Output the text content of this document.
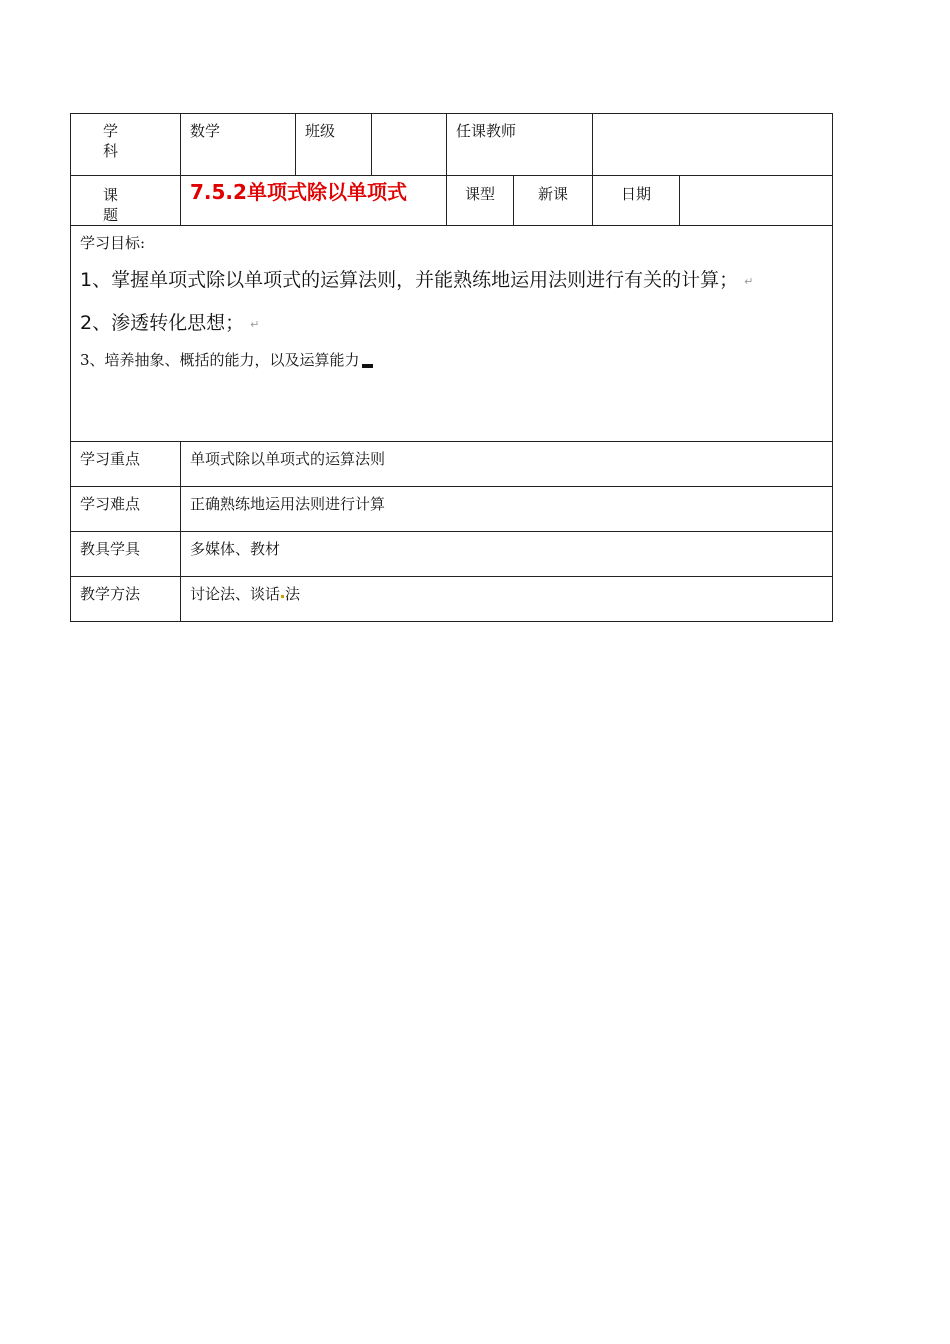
学 科	数学	班级		任课教师			

课 题	7.5.2单项式除以单项式			课型	新课	日期	

学习目标:
1、掌握单项式除以单项式的运算法则，并能熟练地运用法则进行有关的计算； ↵
2、渗透转化思想； ↵
3、培养抽象、概括的能力，以及运算能力							

学习重点	单项式除以单项式的运算法则						

学习难点	正确熟练地运用法则进行计算						

教具学具	多媒体、教材						

教学方法	讨论法、谈话 法						
